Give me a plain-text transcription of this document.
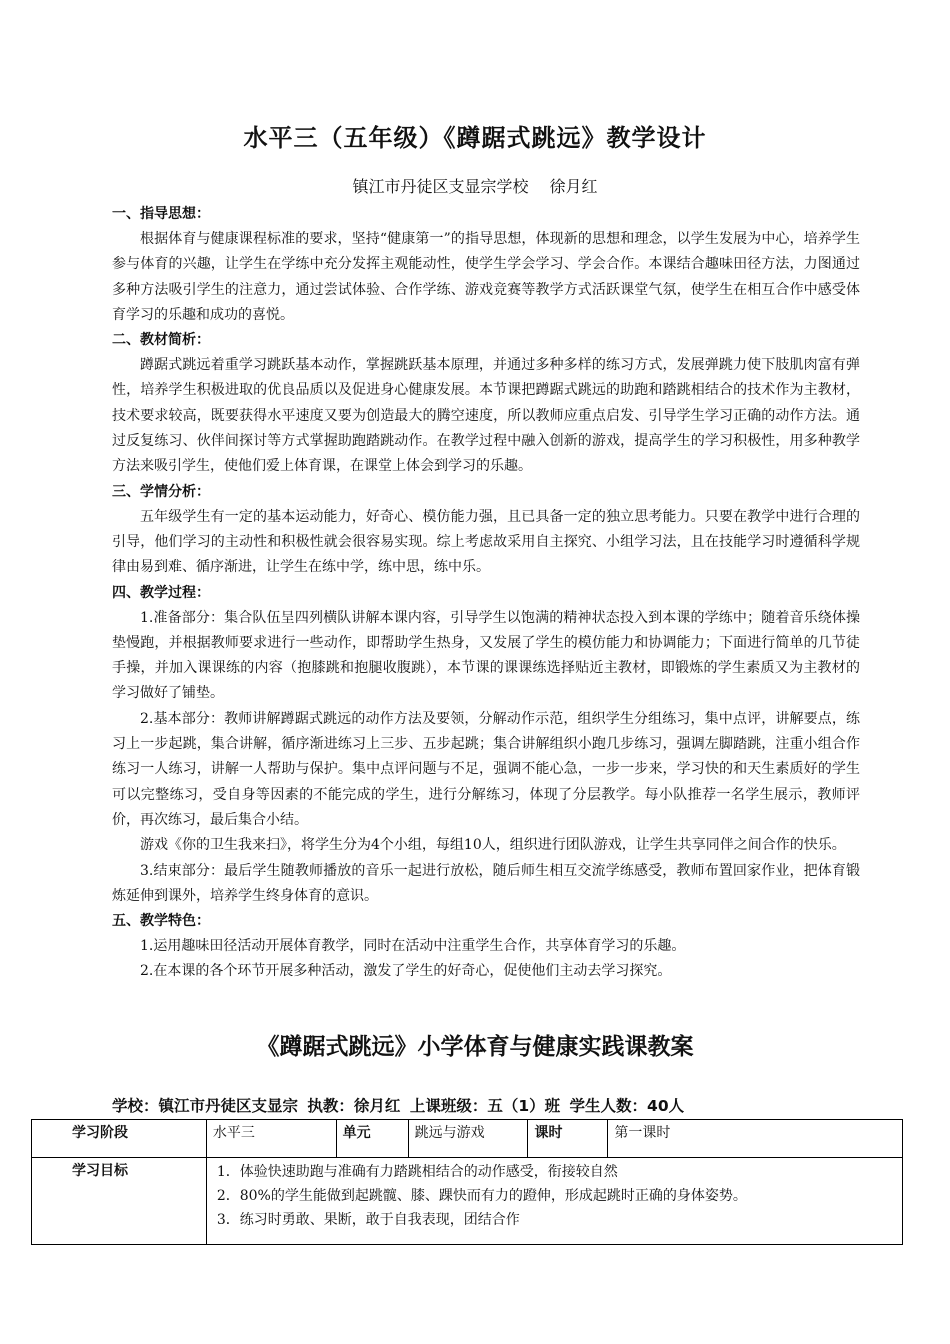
水平三（五年级）《蹲踞式跳远》教学设计
镇江市丹徒区支显宗学校 徐月红
一、指导思想：

根据体育与健康课程标准的要求，坚持“健康第一”的指导思想，体现新的思想和理念，以学生发展为中心，培养学生参与体育的兴趣，让学生在学练中充分发挥主观能动性，使学生学会学习、学会合作。本课结合趣味田径方法，力图通过多种方法吸引学生的注意力，通过尝试体验、合作学练、游戏竞赛等教学方式活跃课堂气氛，使学生在相互合作中感受体育学习的乐趣和成功的喜悦。

二、教材简析：

蹲踞式跳远着重学习跳跃基本动作，掌握跳跃基本原理，并通过多种多样的练习方式，发展弹跳力使下肢肌肉富有弹性，培养学生积极进取的优良品质以及促进身心健康发展。本节课把蹲踞式跳远的助跑和踏跳相结合的技术作为主教材，技术要求较高，既要获得水平速度又要为创造最大的腾空速度，所以教师应重点启发、引导学生学习正确的动作方法。通过反复练习、伙伴间探讨等方式掌握助跑踏跳动作。在教学过程中融入创新的游戏，提高学生的学习积极性，用多种教学方法来吸引学生，使他们爱上体育课，在课堂上体会到学习的乐趣。

三、学情分析：

五年级学生有一定的基本运动能力，好奇心、模仿能力强，且已具备一定的独立思考能力。只要在教学中进行合理的引导，他们学习的主动性和积极性就会很容易实现。综上考虑故采用自主探究、小组学习法，且在技能学习时遵循科学规律由易到难、循序渐进，让学生在练中学，练中思，练中乐。

四、教学过程：

1.准备部分：集合队伍呈四列横队讲解本课内容，引导学生以饱满的精神状态投入到本课的学练中；随着音乐绕体操垫慢跑，并根据教师要求进行一些动作，即帮助学生热身，又发展了学生的模仿能力和协调能力；下面进行简单的几节徒手操，并加入课课练的内容（抱膝跳和抱腿收腹跳），本节课的课课练选择贴近主教材，即锻炼的学生素质又为主教材的学习做好了铺垫。

2.基本部分：教师讲解蹲踞式跳远的动作方法及要领，分解动作示范，组织学生分组练习，集中点评，讲解要点，练习上一步起跳，集合讲解，循序渐进练习上三步、五步起跳；集合讲解组织小跑几步练习，强调左脚踏跳，注重小组合作练习一人练习，讲解一人帮助与保护。集中点评问题与不足，强调不能心急，一步一步来，学习快的和天生素质好的学生可以完整练习，受自身等因素的不能完成的学生，进行分解练习，体现了分层教学。每小队推荐一名学生展示，教师评价，再次练习，最后集合小结。

游戏《你的卫生我来扫》，将学生分为4个小组，每组10人，组织进行团队游戏，让学生共享同伴之间合作的快乐。

3.结束部分：最后学生随教师播放的音乐一起进行放松，随后师生相互交流学练感受，教师布置回家作业，把体育锻炼延伸到课外，培养学生终身体育的意识。

五、教学特色：

1.运用趣味田径活动开展体育教学，同时在活动中注重学生合作，共享体育学习的乐趣。

2.在本课的各个环节开展多种活动，激发了学生的好奇心，促使他们主动去学习探究。

《蹲踞式跳远》小学体育与健康实践课教案
学校：镇江市丹徒区支显宗 执教：徐月红 上课班级：五（1）班 学生人数：40人
学习阶段	水平三	单元	跳远与游戏	课时	第一课时
学习目标	1．体验快速助跑与准确有力踏跳相结合的动作感受，衔接较自然
2．80%的学生能做到起跳髋、膝、踝快而有力的蹬伸，形成起跳时正确的身体姿势。
3．练习时勇敢、果断，敢于自我表现，团结合作				
